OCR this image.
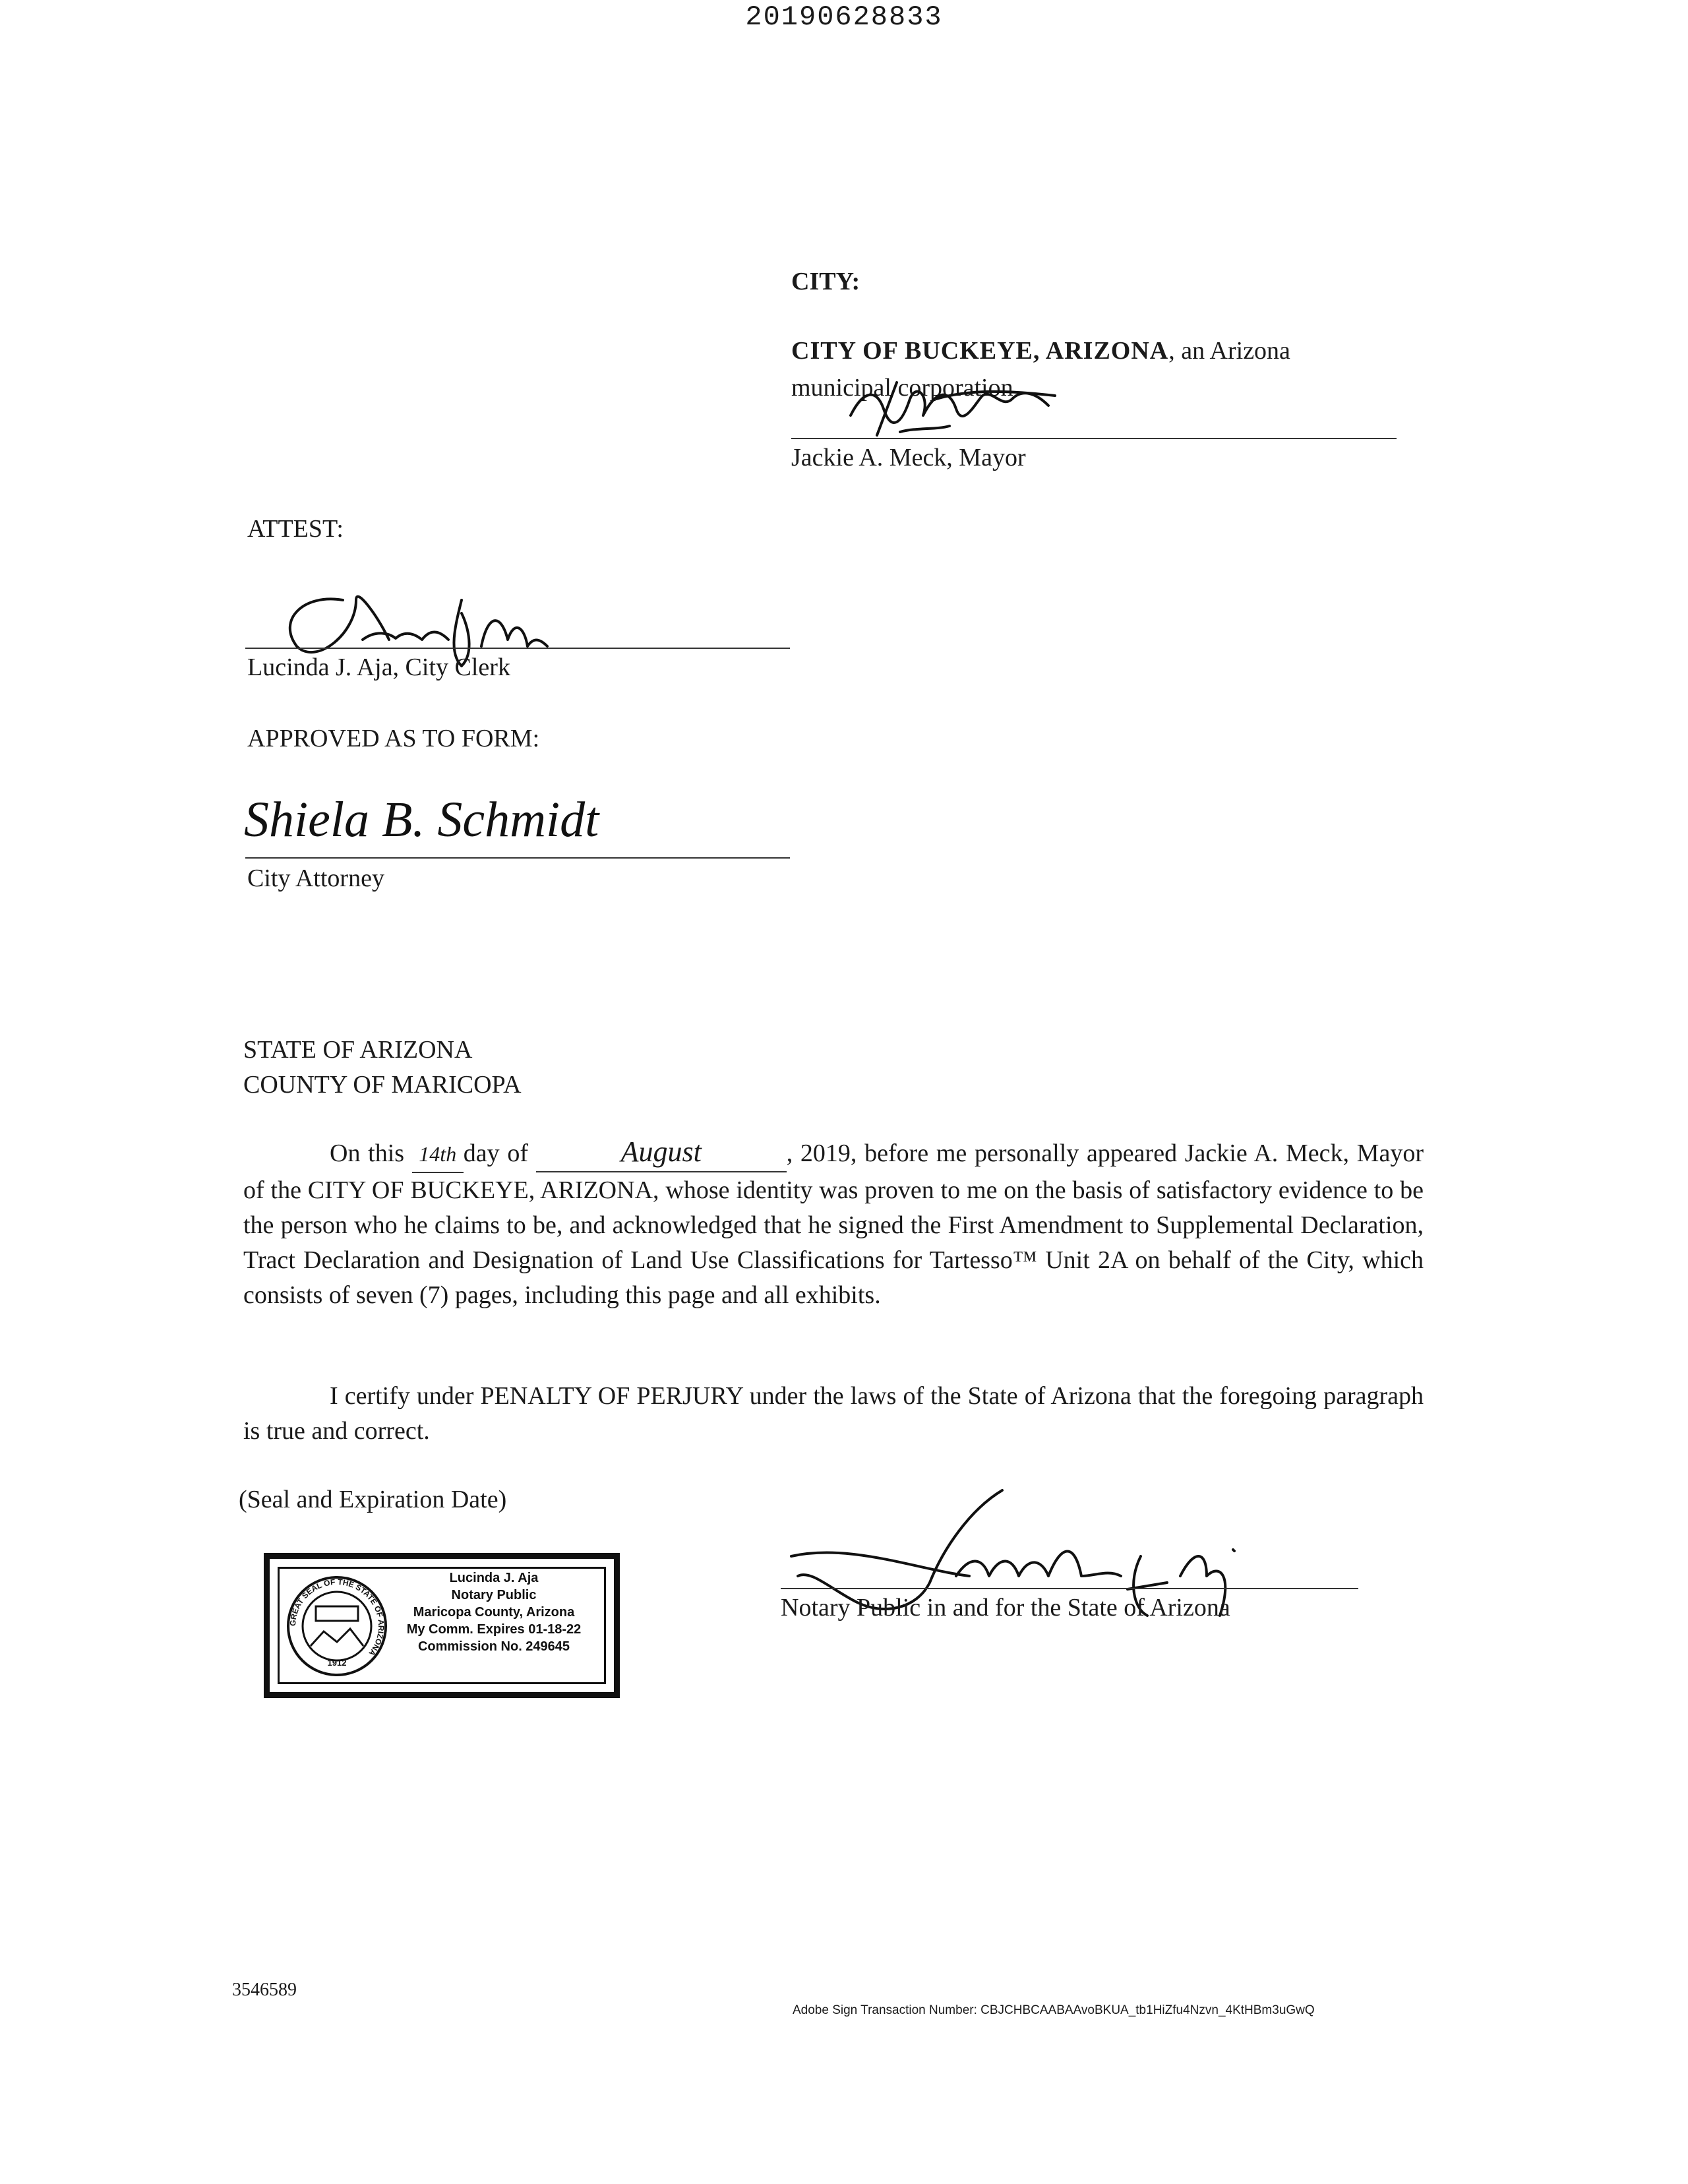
20190628833
CITY:
CITY OF BUCKEYE, ARIZONA, an Arizona
municipal corporation
Jackie A. Meck, Mayor
ATTEST:
Lucinda J. Aja, City Clerk
APPROVED AS TO FORM:
Shiela B. Schmidt
City Attorney
STATE OF ARIZONA
COUNTY OF MARICOPA
On this 14th day of	August	, 2019, before me personally appeared Jackie A. Meck, Mayor of the CITY OF BUCKEYE, ARIZONA, whose identity was proven to me on the basis of satisfactory evidence to be the person who he claims to be, and acknowledged that he signed the First Amendment to Supplemental Declaration, Tract Declaration and Designation of Land Use Classifications for Tartesso™ Unit 2A on behalf of the City, which consists of seven (7) pages, including this page and all exhibits.
I certify under PENALTY OF PERJURY under the laws of the State of Arizona that the foregoing paragraph is true and correct.
(Seal and Expiration Date)
GREAT SEAL OF THE STATE OF ARIZONA
1912
Lucinda J. Aja
Notary Public
Maricopa County, Arizona
My Comm. Expires 01-18-22
Commission No. 249645
Notary Public in and for the State of Arizona
3546589
Adobe Sign Transaction Number: CBJCHBCAABAAvoBKUA_tb1HiZfu4Nzvn_4KtHBm3uGwQ
